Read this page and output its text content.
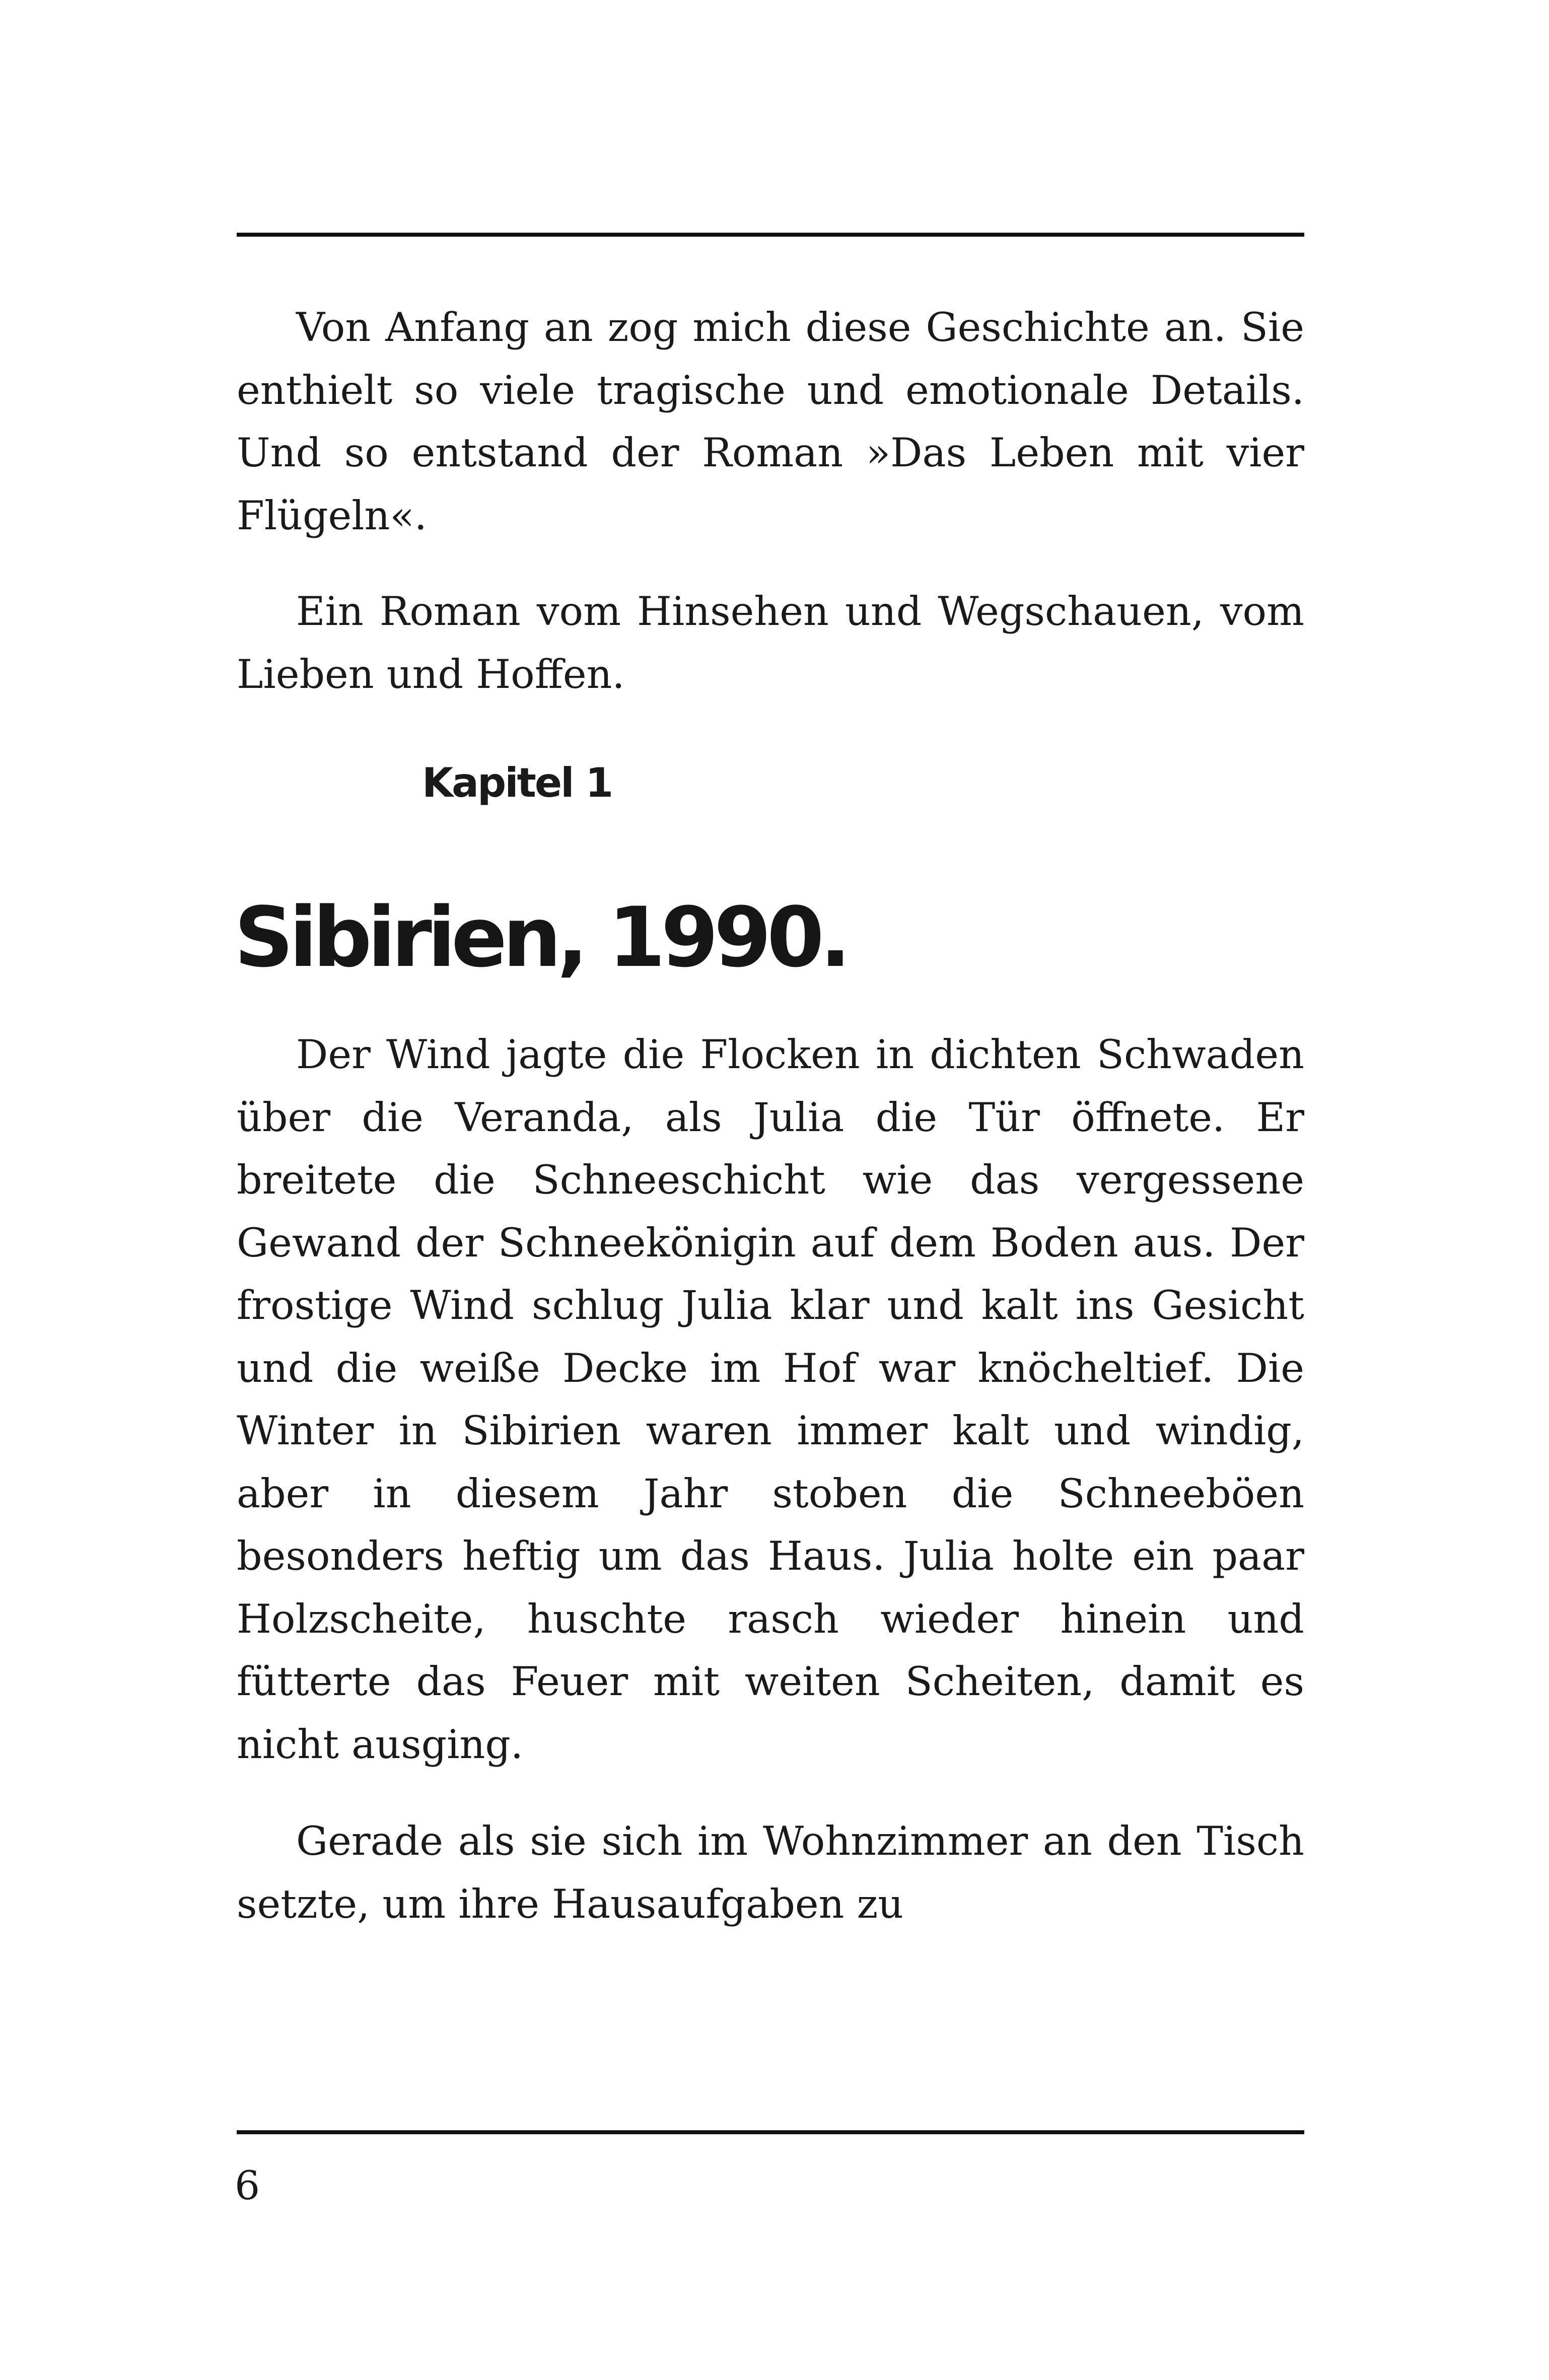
Von Anfang an zog mich diese Geschichte an. Sie enthielt so viele tragische und emotionale Details. Und so entstand der Roman »Das Leben mit vier Flügeln«.

Ein Roman vom Hinsehen und Wegschauen, vom Lieben und Hoffen.

Kapitel 1
Sibirien, 1990.

Der Wind jagte die Flocken in dichten Schwaden über die Veranda, als Julia die Tür öffnete. Er breitete die Schneeschicht wie das vergessene Gewand der Schneekönigin auf dem Boden aus. Der frostige Wind schlug Julia klar und kalt ins Gesicht und die weiße Decke im Hof war knöcheltief. Die Winter in Sibirien waren immer kalt und windig, aber in diesem Jahr stoben die Schneeböen besonders heftig um das Haus. Julia holte ein paar Holzscheite, huschte rasch wieder hinein und fütterte das Feuer mit weiten Scheiten, damit es nicht ausging.

Gerade als sie sich im Wohnzimmer an den Tisch setzte, um ihre Hausaufgaben zu

6
